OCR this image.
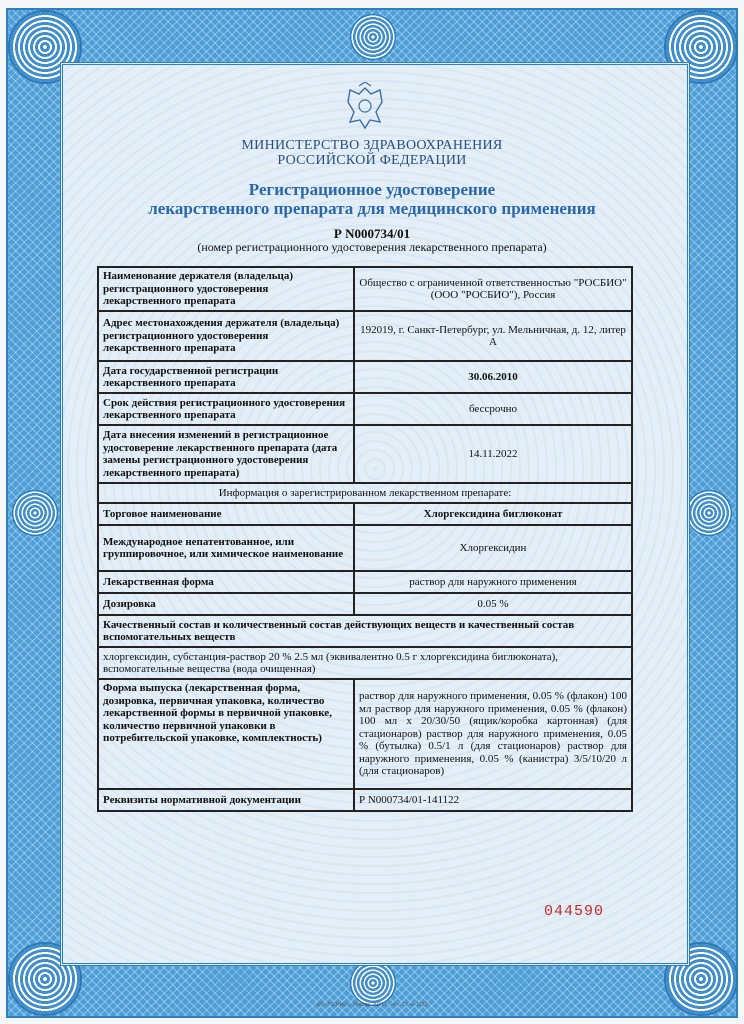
МИНИСТЕРСТВО ЗДРАВООХРАНЕНИЯ
РОССИЙСКОЙ ФЕДЕРАЦИИ
Регистрационное удостоверение
лекарственного препарата для медицинского применения
Р N000734/01
(номер регистрационного удостоверения лекарственного препарата)
Наименование держателя (владельца) регистрационного удостоверения лекарственного препарата	Общество с ограниченной ответственностью "РОСБИО" (ООО "РОСБИО"), Россия
Адрес местонахождения держателя (владельца) регистрационного удостоверения лекарственного препарата	192019, г. Санкт-Петербург, ул. Мельничная, д. 12, литер А
Дата государственной регистрации лекарственного препарата	30.06.2010
Срок действия регистрационного удостоверения лекарственного препарата	бессрочно
Дата внесения изменений в регистрационное удостоверение лекарственного препарата (дата замены регистрационного удостоверения лекарственного препарата)	14.11.2022
Информация о зарегистрированном лекарственном препарате:	
Торговое наименование	Хлоргексидина биглюконат
Международное непатентованное, или группировочное, или химическое наименование	Хлоргексидин
Лекарственная форма	раствор для наружного применения
Дозировка	0.05 %
Качественный состав и количественный состав действующих веществ и качественный состав вспомогательных веществ	
хлоргексидин, субстанция-раствор 20 % 2.5 мл (эквивалентно 0.5 г хлоргексидина биглюконата), вспомогательные вещества (вода очищенная)	
Форма выпуска (лекарственная форма, дозировка, первичная упаковка, количество лекарственной формы в первичной упаковке, количество первичной упаковки в потребительской упаковке, комплектность)	раствор для наружного применения, 0.05 % (флакон) 100 мл раствор для наружного применения, 0.05 % (флакон) 100 мл x 20/30/50 (ящик/коробка картонная) (для стационаров) раствор для наружного применения, 0.05 % (бутылка) 0.5/1 л (для стационаров) раствор для наружного применения, 0.05 % (канистра) 3/5/10/20 л (для стационаров)
Реквизиты нормативной документации	Р N000734/01-141122
044590
АО «ГОЗНАК», Москва, 2021 г., «Б», ТУ № 1122
